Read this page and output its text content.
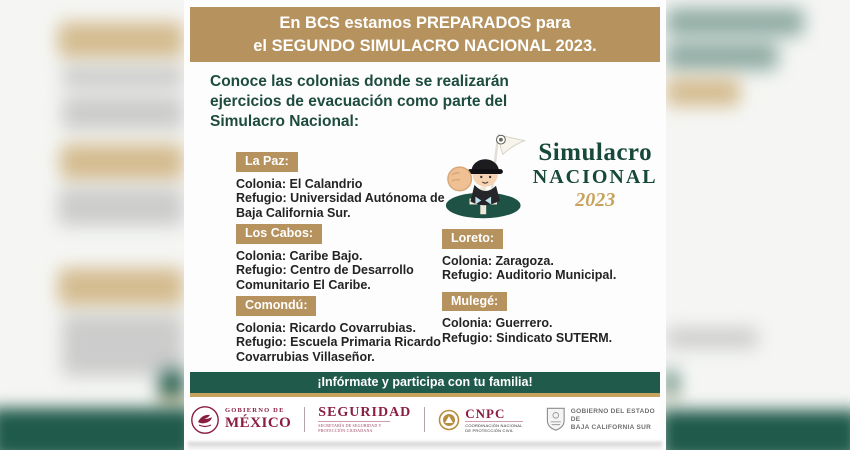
En BCS estamos PREPARADOS para
el SEGUNDO SIMULACRO NACIONAL 2023.
Conoce las colonias donde se realizarán ejercicios de evacuación como parte del Simulacro Nacional:
La Paz:
Colonia: El Calandrio
Refugio: Universidad Autónoma de Baja California Sur.
Los Cabos:
Colonia: Caribe Bajo.
Refugio: Centro de Desarrollo Comunitario El Caribe.
Comondú:
Colonia: Ricardo Covarrubias.
Refugio: Escuela Primaria Ricardo Covarrubias Villaseñor.
Simulacro
NACIONAL
2023
Loreto:
Colonia: Zaragoza.
Refugio: Auditorio Municipal.
Mulegé:
Colonia: Guerrero.
Refugio: Sindicato SUTERM.
¡Infórmate y participa con tu familia!
GOBIERNO DE
MÉXICO
SEGURIDAD
SECRETARÍA DE SEGURIDAD Y PROTECCIÓN CIUDADANA
CNPC
COORDINACIÓN NACIONAL DE PROTECCIÓN CIVIL
GOBIERNO DEL ESTADO DE
BAJA CALIFORNIA SUR
